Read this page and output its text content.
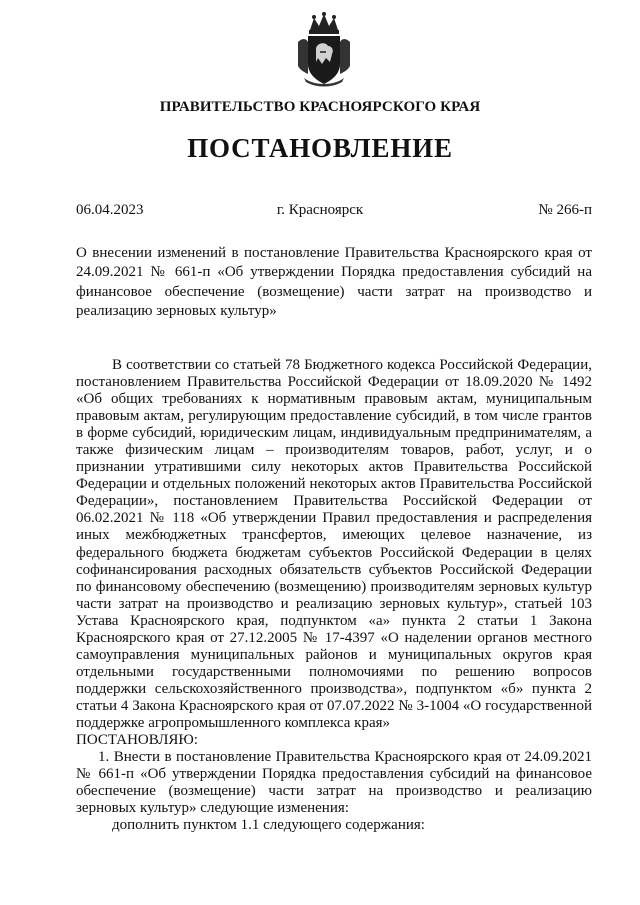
ПРАВИТЕЛЬСТВО КРАСНОЯРСКОГО КРАЯ
ПОСТАНОВЛЕНИЕ
06.04.2023	г. Красноярск	№ 266-п
О внесении изменений в постановление Правительства Красноярского края от 24.09.2021 № 661-п «Об утверждении Порядка предоставления субсидий на финансовое обеспечение (возмещение) части затрат на производство и реализацию зерновых культур»

В соответствии со статьей 78 Бюджетного кодекса Российской Федерации, постановлением Правительства Российской Федерации от 18.09.2020 № 1492 «Об общих требованиях к нормативным правовым актам, муниципальным правовым актам, регулирующим предоставление субсидий, в том числе грантов в форме субсидий, юридическим лицам, индивидуальным предпринимателям, а также физическим лицам – производителям товаров, работ, услуг, и о признании утратившими силу некоторых актов Правительства Российской Федерации и отдельных положений некоторых актов Правительства Российской Федерации», постановлением Правительства Российской Федерации от 06.02.2021 № 118 «Об утверждении Правил предоставления и распределения иных межбюджетных трансфертов, имеющих целевое назначение, из федерального бюджета бюджетам субъектов Российской Федерации в целях софинансирования расходных обязательств субъектов Российской Федерации по финансовому обеспечению (возмещению) производителям зерновых культур части затрат на производство и реализацию зерновых культур», статьей 103 Устава Красноярского края, подпунктом «а» пункта 2 статьи 1 Закона Красноярского края от 27.12.2005 № 17-4397 «О наделении органов местного самоуправления муниципальных районов и муниципальных округов края отдельными государственными полномочиями по решению вопросов поддержки сельскохозяйственного производства», подпунктом «б» пункта 2 статьи 4 Закона Красноярского края от 07.07.2022 № 3-1004 «О государственной поддержке агропромышленного комплекса края»

ПОСТАНОВЛЯЮ:

1. Внести в постановление Правительства Красноярского края от 24.09.2021 № 661-п «Об утверждении Порядка предоставления субсидий на финансовое обеспечение (возмещение) части затрат на производство и реализацию зерновых культур» следующие изменения:

дополнить пунктом 1.1 следующего содержания:
